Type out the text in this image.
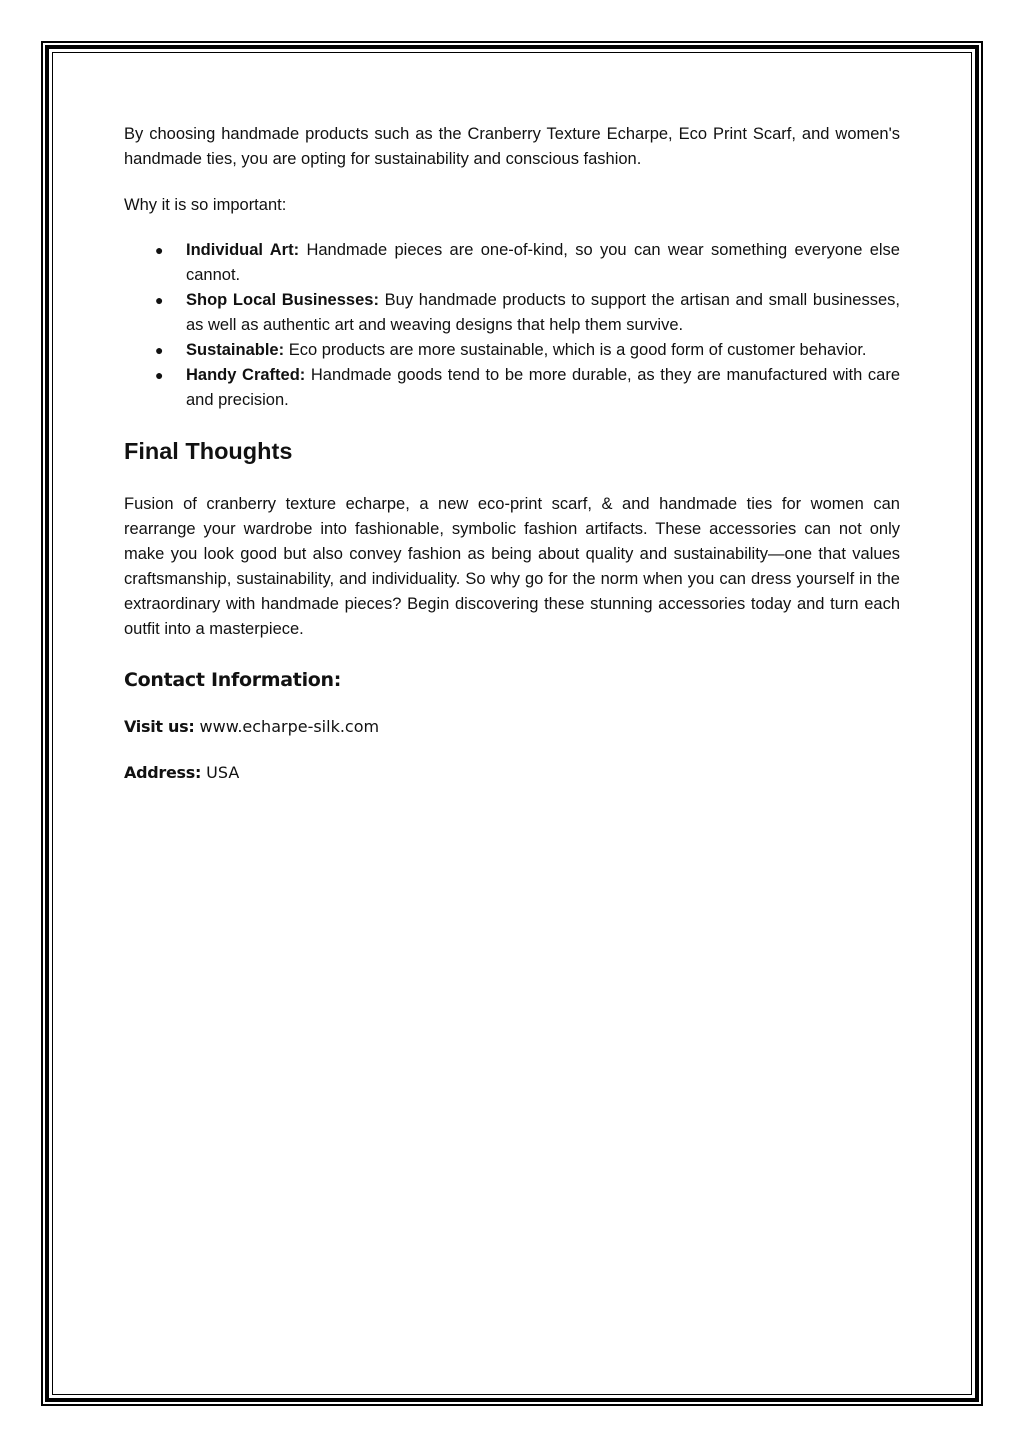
By choosing handmade products such as the Cranberry Texture Echarpe, Eco Print Scarf, and women's handmade ties, you are opting for sustainability and conscious fashion.

Why it is so important:

● Individual Art: Handmade pieces are one-of-kind, so you can wear something everyone else cannot.
● Shop Local Businesses: Buy handmade products to support the artisan and small businesses, as well as authentic art and weaving designs that help them survive.
● Sustainable: Eco products are more sustainable, which is a good form of customer behavior.
● Handy Crafted: Handmade goods tend to be more durable, as they are manufactured with care and precision.
Final Thoughts

Fusion of cranberry texture echarpe, a new eco-print scarf, & and handmade ties for women can rearrange your wardrobe into fashionable, symbolic fashion artifacts. These accessories can not only make you look good but also convey fashion as being about quality and sustainability—one that values craftsmanship, sustainability, and individuality. So why go for the norm when you can dress yourself in the extraordinary with handmade pieces? Begin discovering these stunning accessories today and turn each outfit into a masterpiece.

Contact Information:

Visit us: www.echarpe-silk.com

Address: USA
